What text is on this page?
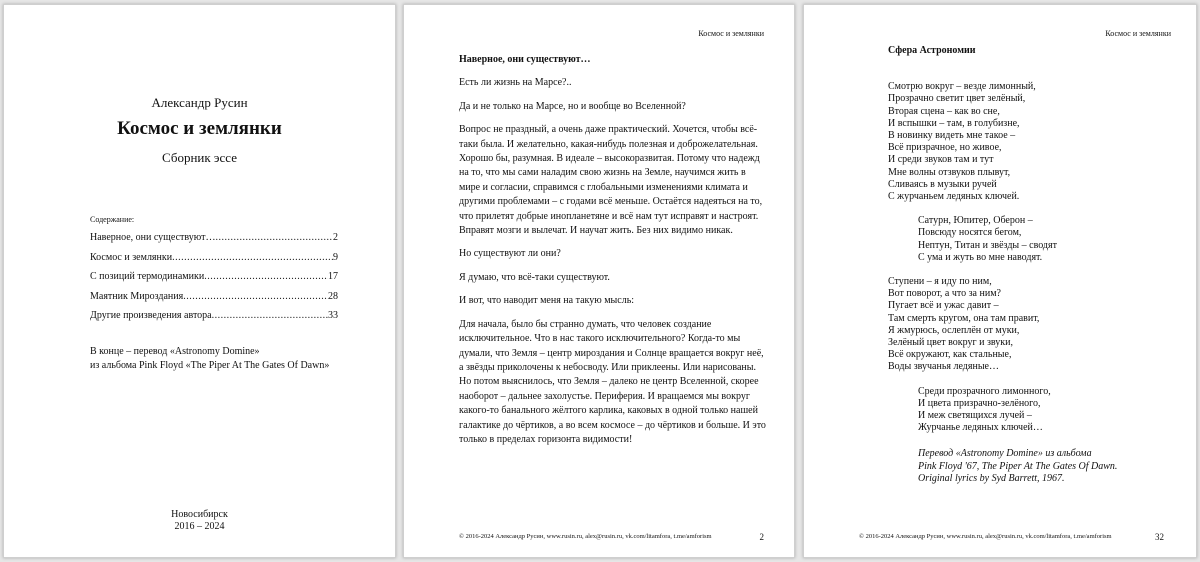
Александр Русин
Космос и землянки
Сборник эссе
Содержание:
Наверное, они существуют… .....	2
Космос и землянки .....	9
С позиций термодинамики .....	17
Маятник Мироздания .....	28
Другие произведения автора .....	33
В конце – перевод «Astronomy Domine»
из альбома Pink Floyd «The Piper At The Gates Of Dawn»
Новосибирск
2016 – 2024
Космос и землянки

Наверное, они существуют…

Есть ли жизнь на Марсе?..

Да и не только на Марсе, но и вообще во Вселенной?

Вопрос не праздный, а очень даже практический. Хочется, чтобы всё-таки была. И желательно, какая-нибудь полезная и доброжелательная. Хорошо бы, разумная. В идеале – высокоразвитая. Потому что надежд на то, что мы сами наладим свою жизнь на Земле, научимся жить в мире и согласии, справимся с глобальными изменениями климата и другими проблемами – с годами всё меньше. Остаётся надеяться на то, что прилетят добрые инопланетяне и всё нам тут исправят и настроят. Вправят мозги и вылечат. И научат жить. Без них видимо никак.

Но существуют ли они?

Я думаю, что всё-таки существуют.

И вот, что наводит меня на такую мысль:

Для начала, было бы странно думать, что человек создание исключительное. Что в нас такого исключительного? Когда-то мы думали, что Земля – центр мироздания и Солнце вращается вокруг неё, а звёзды приколочены к небосводу. Или приклеены. Или нарисованы. Но потом выяснилось, что Земля – далеко не центр Вселенной, скорее наоборот – дальнее захолустье. Периферия. И вращаемся мы вокруг какого-то банального жёлтого карлика, каковых в одной только нашей галактике до чёртиков, а во всем космосе – до чёртиков и больше. И это только в пределах горизонта видимости!

© 2016-2024 Александр Русин, www.rusin.ru, alex@rusin.ru, vk.com/litamfora, t.me/amforism	2
Космос и землянки

Сфера Астрономии

Смотрю вокруг – везде лимонный,
Прозрачно светит цвет зелёный,
Вторая сцена – как во сне,
И вспышки – там, в голубизне,
В новинку видеть мне такое –
Всё призрачное, но живое,
И среди звуков там и тут
Мне волны отзвуков плывут,
Сливаясь в музыки ручей
С журчаньем ледяных ключей.
Сатурн, Юпитер, Оберон –
Повсюду носятся бегом,
Нептун, Титан и звёзды – сводят
С ума и жуть во мне наводят.
Ступени – я иду по ним,
Вот поворот, а что за ним?
Пугает всё и ужас давит –
Там смерть кругом, она там правит,
Я жмурюсь, ослеплён от муки,
Зелёный цвет вокруг и звуки,
Всё окружают, как стальные,
Воды звучанья ледяные…
Среди прозрачного лимонного,
И цвета призрачно-зелёного,
И меж светящихся лучей –
Журчанье ледяных ключей…
Перевод «Astronomy Domine» из альбома
Pink Floyd '67, The Piper At The Gates Of Dawn.
Original lyrics by Syd Barrett, 1967.
© 2016-2024 Александр Русин, www.rusin.ru, alex@rusin.ru, vk.com/litamfora, t.me/amforism	32
